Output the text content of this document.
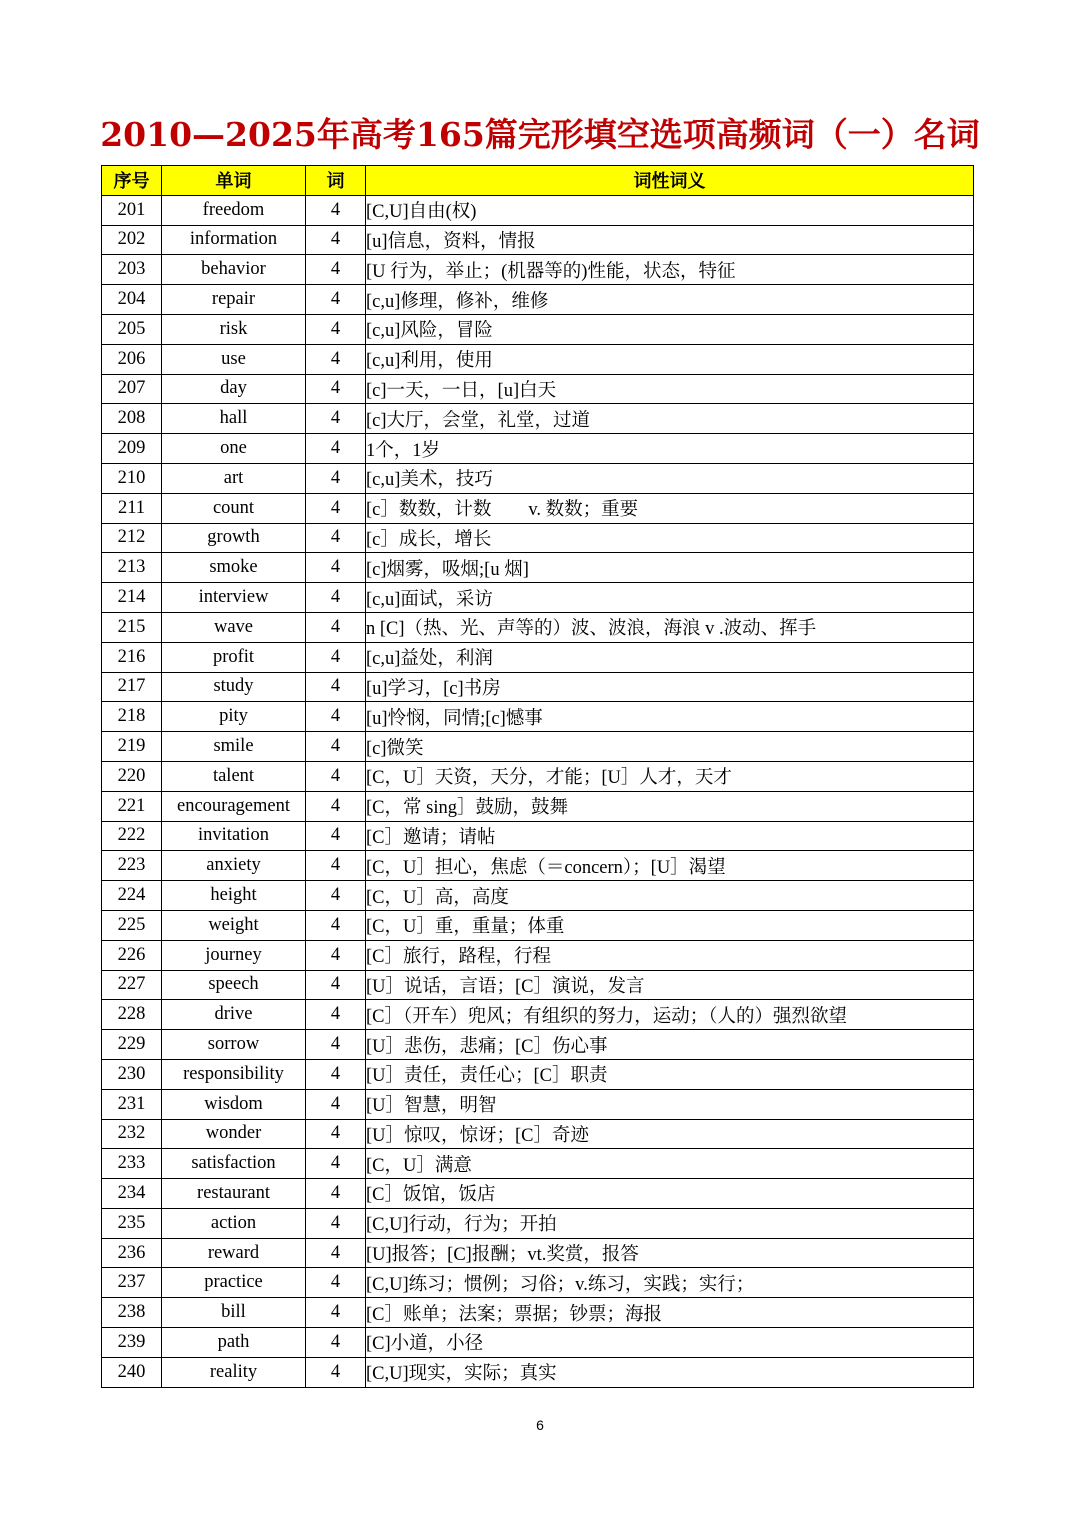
2010—2025年高考165篇完形填空选项高频词（一）名词
序号	单词	词	词性词义
201	freedom	4	[C,U]自由(权)
202	information	4	[u]信息，资料，情报
203	behavior	4	[U 行为，举止；(机器等的)性能，状态，特征
204	repair	4	[c,u]修理，修补，维修
205	risk	4	[c,u]风险，冒险
206	use	4	[c,u]利用，使用
207	day	4	[c]一天，一日，[u]白天
208	hall	4	[c]大厅，会堂，礼堂，过道
209	one	4	1个，1岁
210	art	4	[c,u]美术，技巧
211	count	4	[c］数数，计数　　v. 数数；重要
212	growth	4	[c］成长，增长
213	smoke	4	[c]烟雾，吸烟;[u 烟]
214	interview	4	[c,u]面试，采访
215	wave	4	n [C]（热、光、声等的）波、波浪，海浪 v .波动、挥手
216	profit	4	[c,u]益处，利润
217	study	4	[u]学习，[c]书房
218	pity	4	[u]怜悯，同情;[c]憾事
219	smile	4	[c]微笑
220	talent	4	[C，U］天资，天分，才能；[U］人才，天才
221	encouragement	4	[C，常 sing］鼓励，鼓舞
222	invitation	4	[C］邀请；请帖
223	anxiety	4	[C，U］担心，焦虑（＝concern）；[U］渴望
224	height	4	[C，U］高，高度
225	weight	4	[C，U］重，重量；体重
226	journey	4	[C］旅行，路程，行程
227	speech	4	[U］说话，言语；[C］演说，发言
228	drive	4	[C］（开车）兜风；有组织的努力，运动；（人的）强烈欲望
229	sorrow	4	[U］悲伤，悲痛；[C］伤心事
230	responsibility	4	[U］责任，责任心；[C］职责
231	wisdom	4	[U］智慧，明智
232	wonder	4	[U］惊叹，惊讶；[C］奇迹
233	satisfaction	4	[C，U］满意
234	restaurant	4	[C］饭馆，饭店
235	action	4	[C,U]行动，行为；开拍
236	reward	4	[U]报答；[C]报酬；vt.奖赏，报答
237	practice	4	[C,U]练习；惯例；习俗；v.练习，实践；实行；
238	bill	4	[C］账单；法案；票据；钞票；海报
239	path	4	[C]小道，小径
240	reality	4	[C,U]现实，实际；真实
6
